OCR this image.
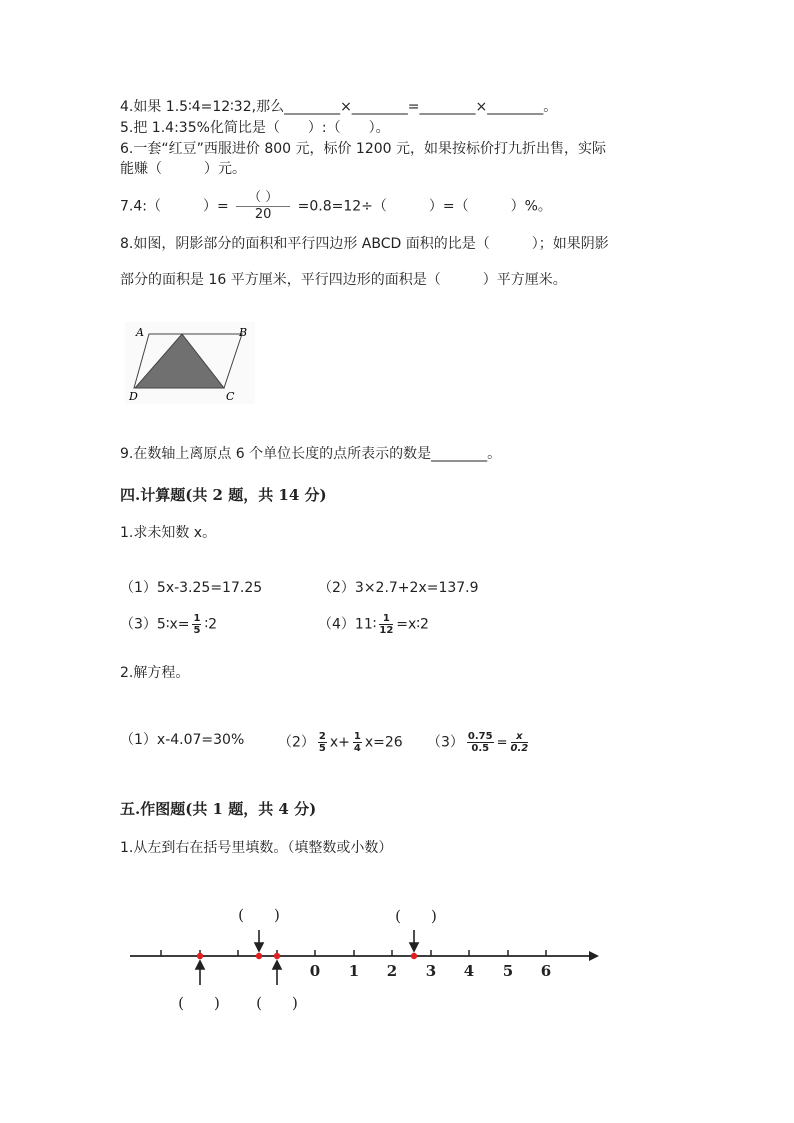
4.如果 1.5∶4=12∶32,那么________×________=________×________。
5.把 1.4:35%化简比是（　　）:（　　）。
6.一套“红豆”西服进价 800 元，标价 1200 元，如果按标价打九折出售，实际
能赚（　　　）元。
7.4:（　　　）= $\frac{( )}{20} =0.8=12\div$（　　　）=（　　　）%。
8.如图，阴影部分的面积和平行四边形 ABCD 面积的比是（　　　）；如果阴影
部分的面积是 16 平方厘米，平行四边形的面积是（　　　）平方厘米。
A	B
D	C
9.在数轴上离原点 6 个单位长度的点所表示的数是________。
四.计算题(共 2 题，共 14 分)
1.求未知数 x。
（1）5x-3.25=17.25	（2）3×2.7+2x=137.9
（3）5∶x= $\frac{1}{5}$ ∶2	（4）11∶ $\frac{1}{12}$ =x∶2
2.解方程。
（1）x-4.07=30% $(2) \frac{2}{5} x+ \frac{1}{4} x=26$ $(3) \frac{0.75}{0.5} = \frac{x}{0.2}$
五.作图题(共 1 题，共 4 分)
1.从左到右在括号里填数。（填整数或小数）
0 1 2 3 4 5 6
(　　)	(　　)
(　　) (　　)
